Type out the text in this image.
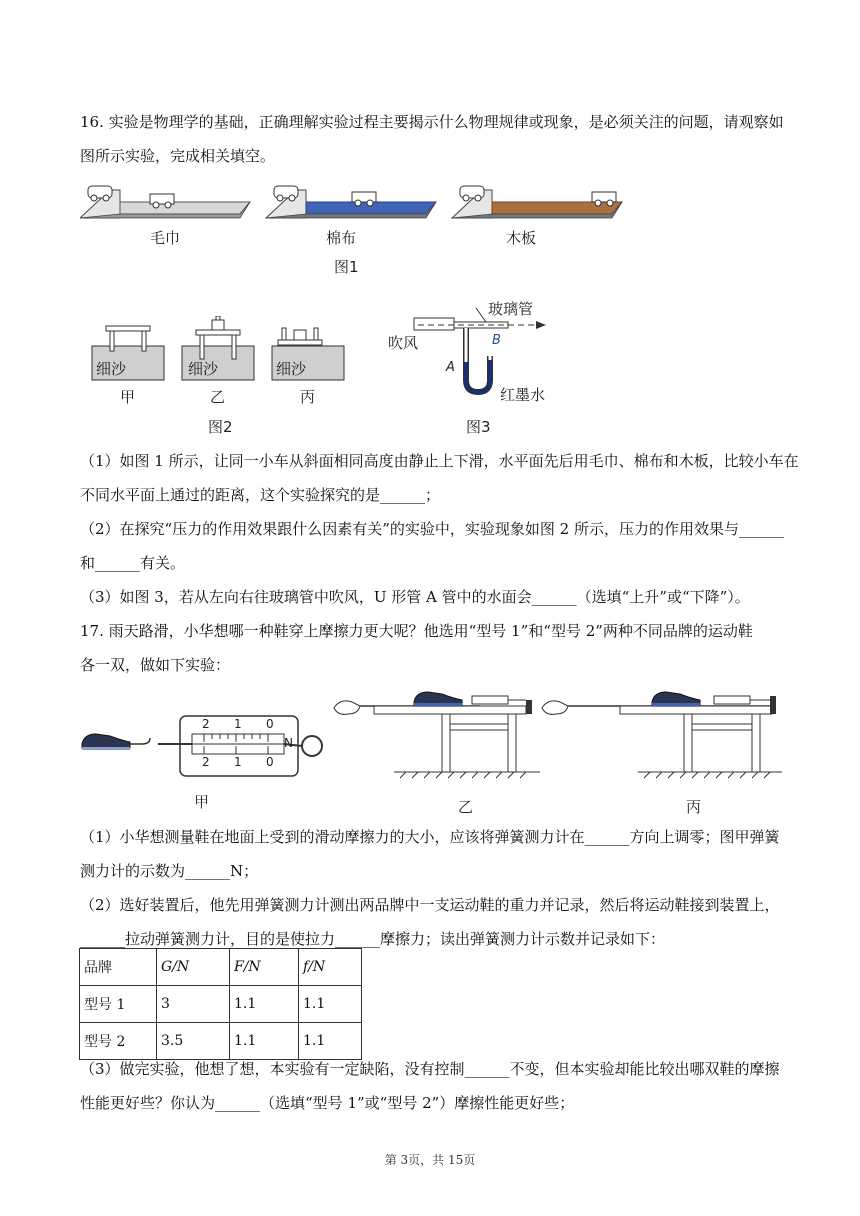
16. 实验是物理学的基础，正确理解实验过程主要揭示什么物理规律或现象，是必须关注的问题，请观察如
图所示实验，完成相关填空。
毛巾	棉布	木板
图1
细沙	细沙	细沙
甲	乙	丙
图2
玻璃管
吹风
A
B
红墨水
图3
（1）如图 1 所示，让同一小车从斜面相同高度由静止上下滑，水平面先后用毛巾、棉布和木板，比较小车在
不同水平面上通过的距离，这个实验探究的是______；
（2）在探究“压力的作用效果跟什么因素有关”的实验中，实验现象如图 2 所示，压力的作用效果与______
和______有关。
（3）如图 3，若从左向右往玻璃管中吹风，U 形管 A 管中的水面会______（选填“上升”或“下降”）。
17. 雨天路滑，小华想哪一种鞋穿上摩擦力更大呢？他选用“型号 1”和“型号 2”两种不同品牌的运动鞋
各一双，做如下实验：
2 1 0
2 1 0
N
甲	乙	丙
（1）小华想测量鞋在地面上受到的滑动摩擦力的大小，应该将弹簧测力计在______方向上调零；图甲弹簧
测力计的示数为______N；
（2）选好装置后，他先用弹簧测力计测出两品牌中一支运动鞋的重力并记录，然后将运动鞋接到装置上，
______拉动弹簧测力计，目的是使拉力______摩擦力；读出弹簧测力计示数并记录如下：
品牌	G/N	F/N	f/N
型号 1	3	1.1	1.1
型号 2	3.5	1.1	1.1
（3）做完实验，他想了想，本实验有一定缺陷，没有控制______不变，但本实验却能比较出哪双鞋的摩擦
性能更好些？你认为______（选填“型号 1”或“型号 2”）摩擦性能更好些；
第 3页，共 15页
